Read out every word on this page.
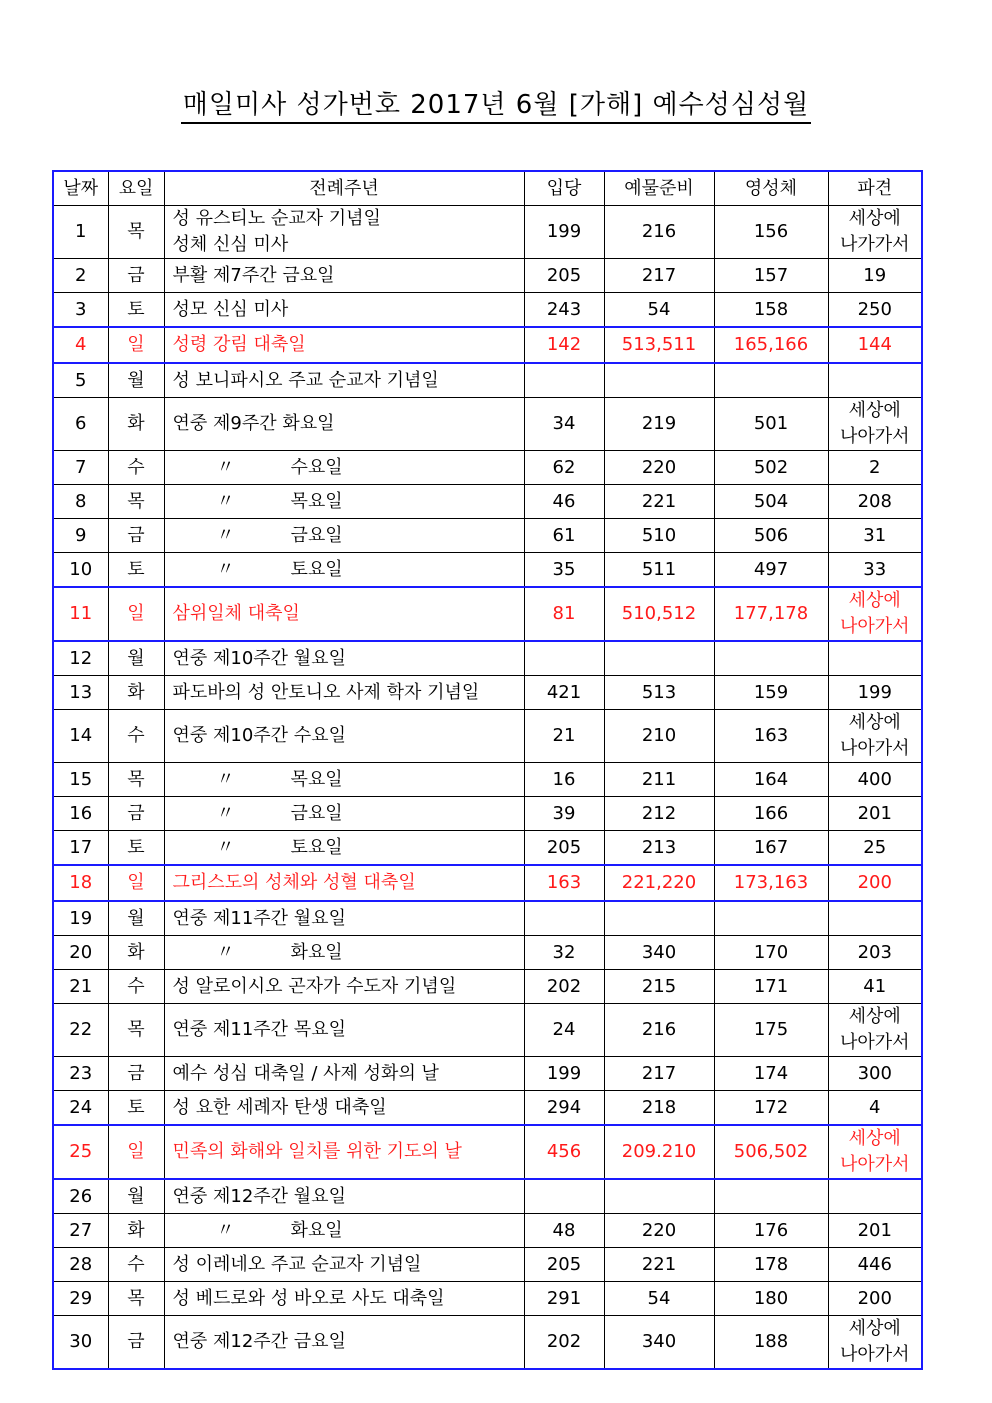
매일미사 성가번호 2017년 6월 [가해] 예수성심성월
날짜	요일	전례주년	입당	예물준비	영성체	파견
1	목	성 유스티노 순교자 기념일
성체 신심 미사	199	216	156	세상에
나가가서
2	금	부활 제7주간 금요일	205	217	157	19
3	토	성모 신심 미사	243	54	158	250
4	일	성령 강림 대축일	142	513,511	165,166	144
5	월	성 보니파시오 주교 순교자 기념일				
6	화	연중 제9주간 화요일	34	219	501	세상에
나아가서
7	수	〃 수요일	62	220	502	2
8	목	〃 목요일	46	221	504	208
9	금	〃 금요일	61	510	506	31
10	토	〃 토요일	35	511	497	33
11	일	삼위일체 대축일	81	510,512	177,178	세상에
나아가서
12	월	연중 제10주간 월요일				
13	화	파도바의 성 안토니오 사제 학자 기념일	421	513	159	199
14	수	연중 제10주간 수요일	21	210	163	세상에
나아가서
15	목	〃 목요일	16	211	164	400
16	금	〃 금요일	39	212	166	201
17	토	〃 토요일	205	213	167	25
18	일	그리스도의 성체와 성혈 대축일	163	221,220	173,163	200
19	월	연중 제11주간 월요일				
20	화	〃 화요일	32	340	170	203
21	수	성 알로이시오 곤자가 수도자 기념일	202	215	171	41
22	목	연중 제11주간 목요일	24	216	175	세상에
나아가서
23	금	예수 성심 대축일 / 사제 성화의 날	199	217	174	300
24	토	성 요한 세례자 탄생 대축일	294	218	172	4
25	일	민족의 화해와 일치를 위한 기도의 날	456	209.210	506,502	세상에
나아가서
26	월	연중 제12주간 월요일				
27	화	〃 화요일	48	220	176	201
28	수	성 이레네오 주교 순교자 기념일	205	221	178	446
29	목	성 베드로와 성 바오로 사도 대축일	291	54	180	200
30	금	연중 제12주간 금요일	202	340	188	세상에
나아가서
